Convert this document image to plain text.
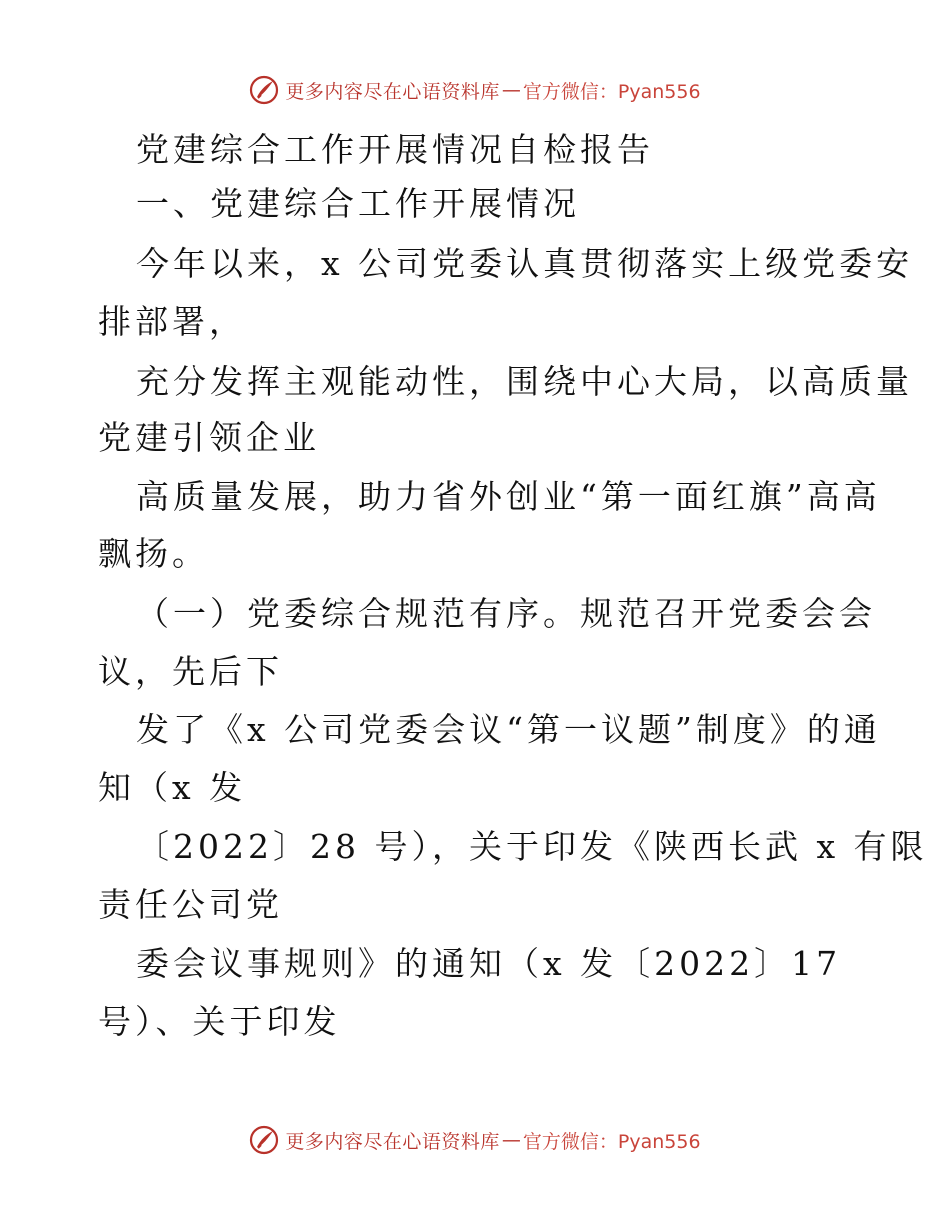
更多内容尽在心语资料库 — 官方微信：Pyan556
党建综合工作开展情况自检报告
一、党建综合工作开展情况
今年以来，x 公司党委认真贯彻落实上级党委安
排部署，
充分发挥主观能动性，围绕中心大局，以高质量
党建引领企业
高质量发展，助力省外创业“第一面红旗”高高
飘扬。
（一）党委综合规范有序。规范召开党委会会
议，先后下
发了《x 公司党委会议“第一议题”制度》的通
知（x 发
〔2022〕28 号），关于印发《陕西长武 x 有限
责任公司党
委会议事规则》的通知（x 发〔2022〕17
号）、关于印发
更多内容尽在心语资料库 — 官方微信：Pyan556
